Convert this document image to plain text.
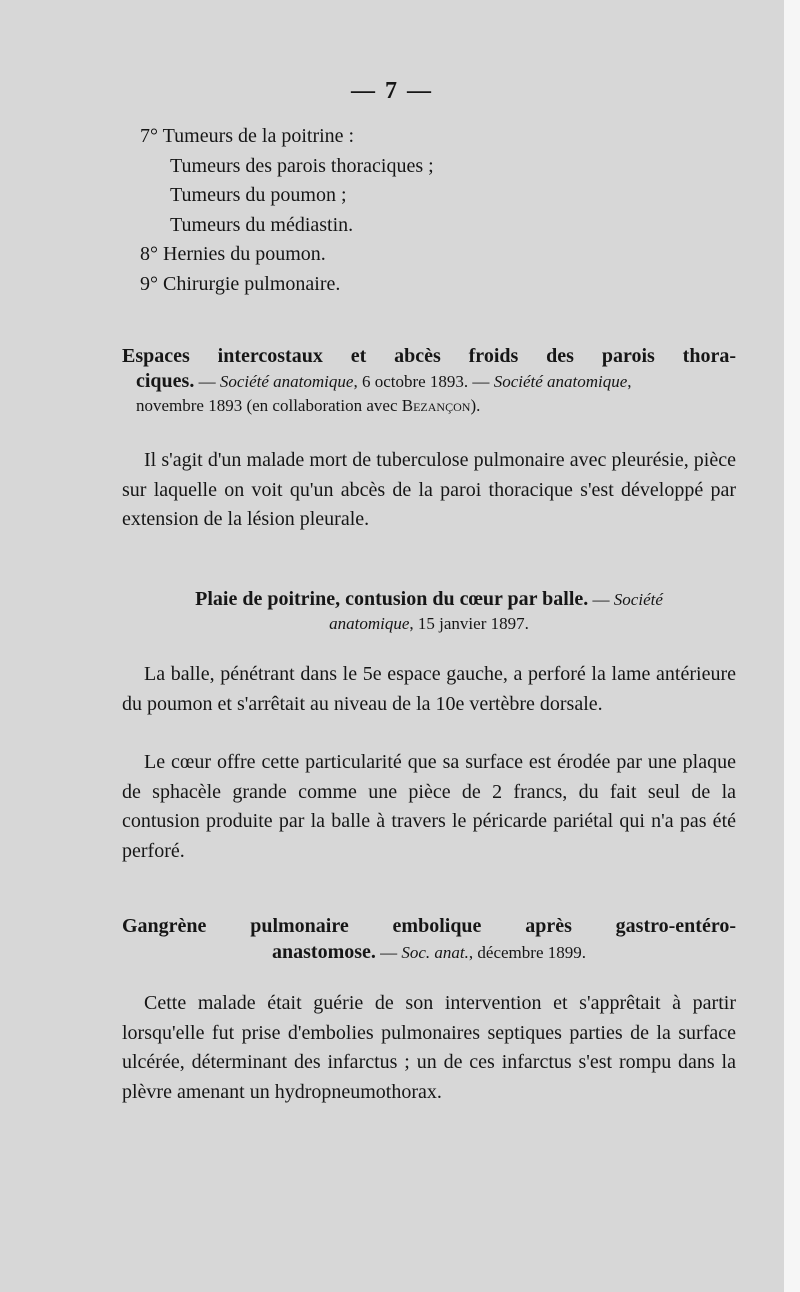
— 7 —
7° Tumeurs de la poitrine :
Tumeurs des parois thoraciques ;
Tumeurs du poumon ;
Tumeurs du médiastin.
8° Hernies du poumon.
9° Chirurgie pulmonaire.
Espaces intercostaux et abcès froids des parois thora-
ciques. — Société anatomique, 6 octobre 1893. — Société anatomique,
novembre 1893 (en collaboration avec Bezançon).
Il s'agit d'un malade mort de tuberculose pulmonaire avec pleurésie, pièce sur laquelle on voit qu'un abcès de la paroi thoracique s'est développé par extension de la lésion pleurale.
Plaie de poitrine, contusion du cœur par balle. — Société
anatomique, 15 janvier 1897.
La balle, pénétrant dans le 5e espace gauche, a perforé la lame antérieure du poumon et s'arrêtait au niveau de la 10e vertèbre dorsale.
Le cœur offre cette particularité que sa surface est érodée par une plaque de sphacèle grande comme une pièce de 2 francs, du fait seul de la contusion produite par la balle à travers le péricarde pariétal qui n'a pas été perforé.
Gangrène pulmonaire embolique après gastro-entéro-
anastomose. — Soc. anat., décembre 1899.
Cette malade était guérie de son intervention et s'apprêtait à partir lorsqu'elle fut prise d'embolies pulmonaires septiques parties de la surface ulcérée, déterminant des infarctus ; un de ces infarctus s'est rompu dans la plèvre amenant un hydropneumothorax.
